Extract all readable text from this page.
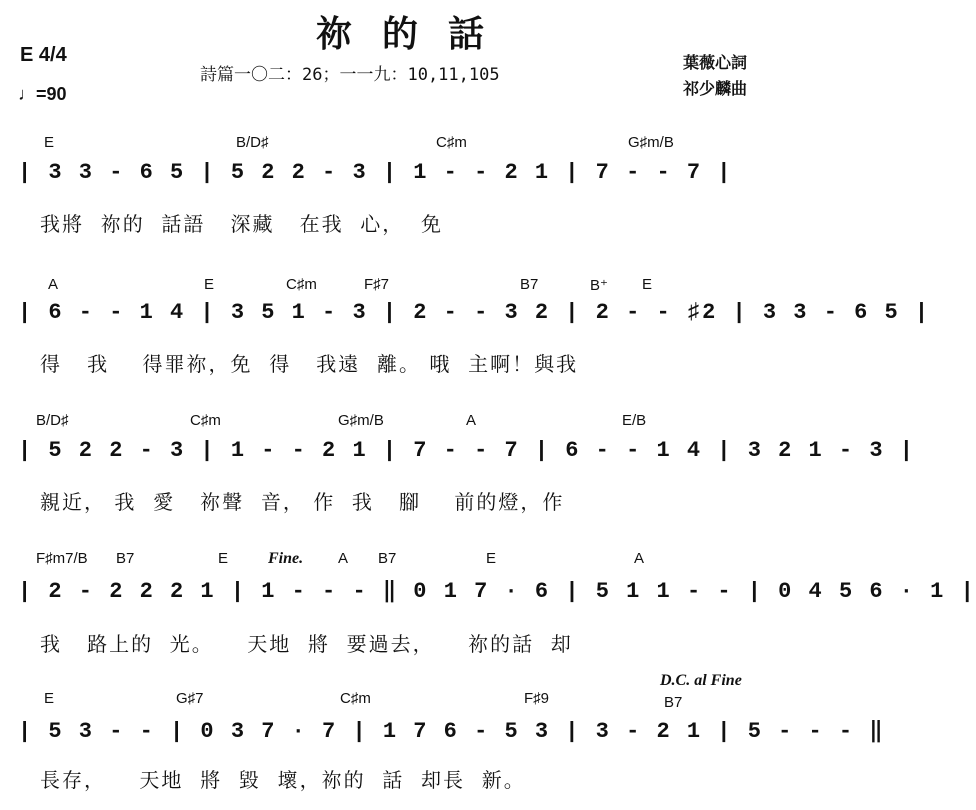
祢的話
E 4/4
♩=90
詩篇一〇二：26；一一九：10,11,105
葉薇心詞
祁少麟曲
E	B/D♯	C♯m	G♯m/B
| 3 3 - 6 5 | 5 2 2 - 3 | 1 - - 2 1 | 7 - - 7 |
我將  祢的  話語   深藏   在我  心，  免
A	E	C♯m	F♯7	B7	B⁺ E
| 6 - - 1 4 | 3 5 1 - 3 | 2 - - 3 2 | 2 - - ♯2 | 3 3 - 6 5 |
得   我    得罪祢，免  得   我遠  離。 哦  主啊！與我
B/D♯	C♯m	G♯m/B	A	E/B
| 5 2 2 - 3 | 1 - - 2 1 | 7 - - 7 | 6 - - 1 4 | 3 2 1 - 3 |
親近， 我  愛   祢聲  音， 作  我   腳    前的燈，作
F♯m7/B B7	E Fine. A B7	E	A
| 2 - 2 2 2 1 | 1 - - - ‖ 0 1 7 · 6 | 5 1 1 - - | 0 4 5 6 · 1 |
我   路上的  光。    天地  將  要過去，    祢的話  却
D.C. al Fine
E	G♯7	C♯m	F♯9	B7
| 5 3 - - | 0 3 7 · 7 | 1 7 6 - 5 3 | 3 - 2 1 | 5 - - - ‖
長存，    天地  將  毀  壞，祢的  話  却長  新。
